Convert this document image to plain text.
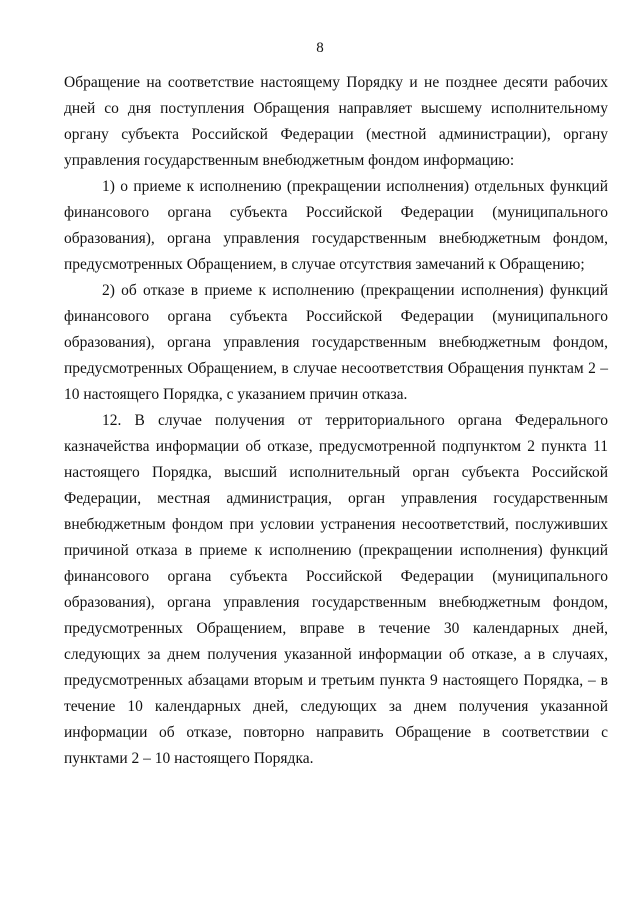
8

Обращение на соответствие настоящему Порядку и не позднее десяти рабочих дней со дня поступления Обращения направляет высшему исполнительному органу субъекта Российской Федерации (местной администрации), органу управления государственным внебюджетным фондом информацию:

1) о приеме к исполнению (прекращении исполнения) отдельных функций финансового органа субъекта Российской Федерации (муниципального образования), органа управления государственным внебюджетным фондом, предусмотренных Обращением, в случае отсутствия замечаний к Обращению;

2) об отказе в приеме к исполнению (прекращении исполнения) функций финансового органа субъекта Российской Федерации (муниципального образования), органа управления государственным внебюджетным фондом, предусмотренных Обращением, в случае несоответствия Обращения пунктам 2 – 10 настоящего Порядка, с указанием причин отказа.

12. В случае получения от территориального органа Федерального казначейства информации об отказе, предусмотренной подпунктом 2 пункта 11 настоящего Порядка, высший исполнительный орган субъекта Российской Федерации, местная администрация, орган управления государственным внебюджетным фондом при условии устранения несоответствий, послуживших причиной отказа в приеме к исполнению (прекращении исполнения) функций финансового органа субъекта Российской Федерации (муниципального образования), органа управления государственным внебюджетным фондом, предусмотренных Обращением, вправе в течение 30 календарных дней, следующих за днем получения указанной информации об отказе, а в случаях, предусмотренных абзацами вторым и третьим пункта 9 настоящего Порядка, – в течение 10 календарных дней, следующих за днем получения указанной информации об отказе, повторно направить Обращение в соответствии с пунктами 2 – 10 настоящего Порядка.
